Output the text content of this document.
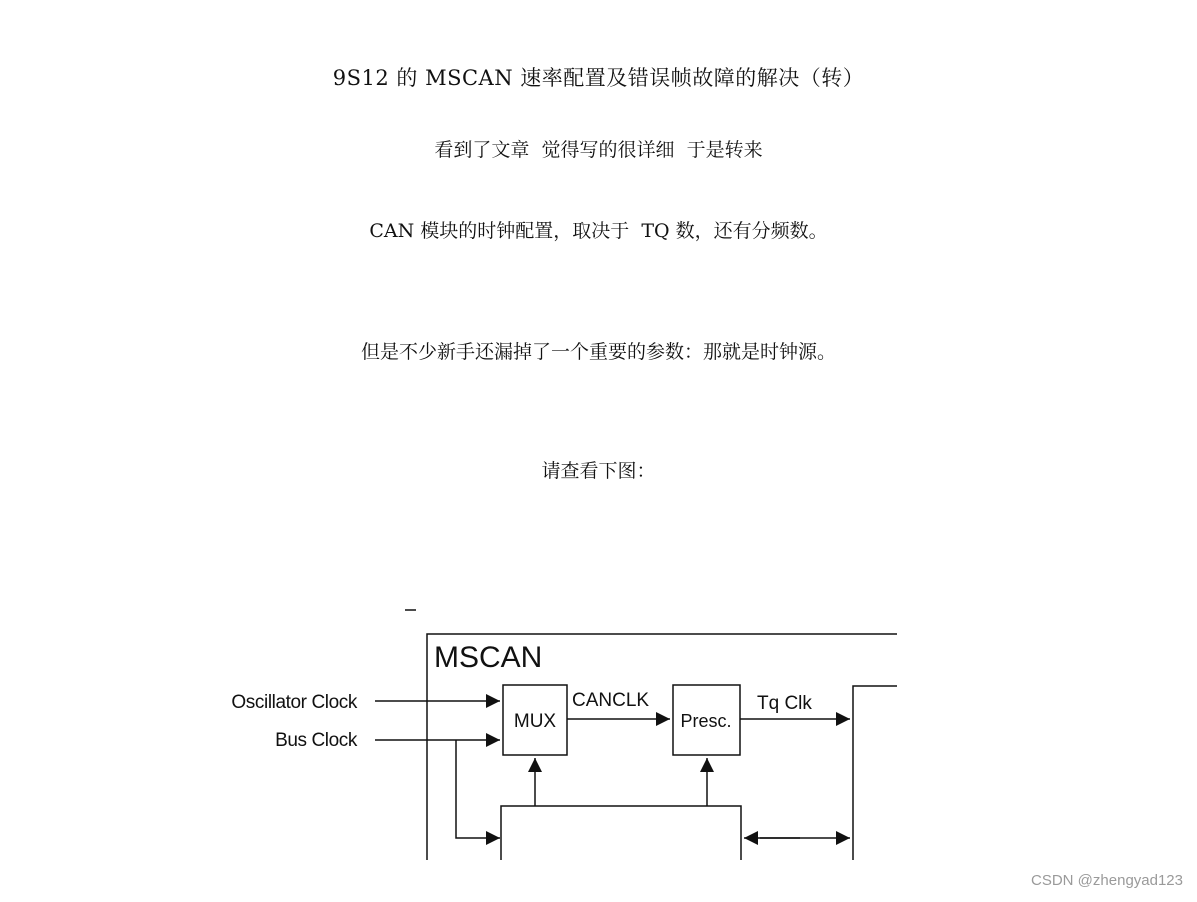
9S12 的 MSCAN 速率配置及错误帧故障的解决（转）
看到了文章  觉得写的很详细  于是转来
CAN 模块的时钟配置，取决于  TQ 数，还有分频数。
但是不少新手还漏掉了一个重要的参数：那就是时钟源。
请查看下图：
MSCAN
Oscillator Clock
Bus Clock
MUX
CANCLK
Presc.
Tq Clk
CSDN @zhengyad123
